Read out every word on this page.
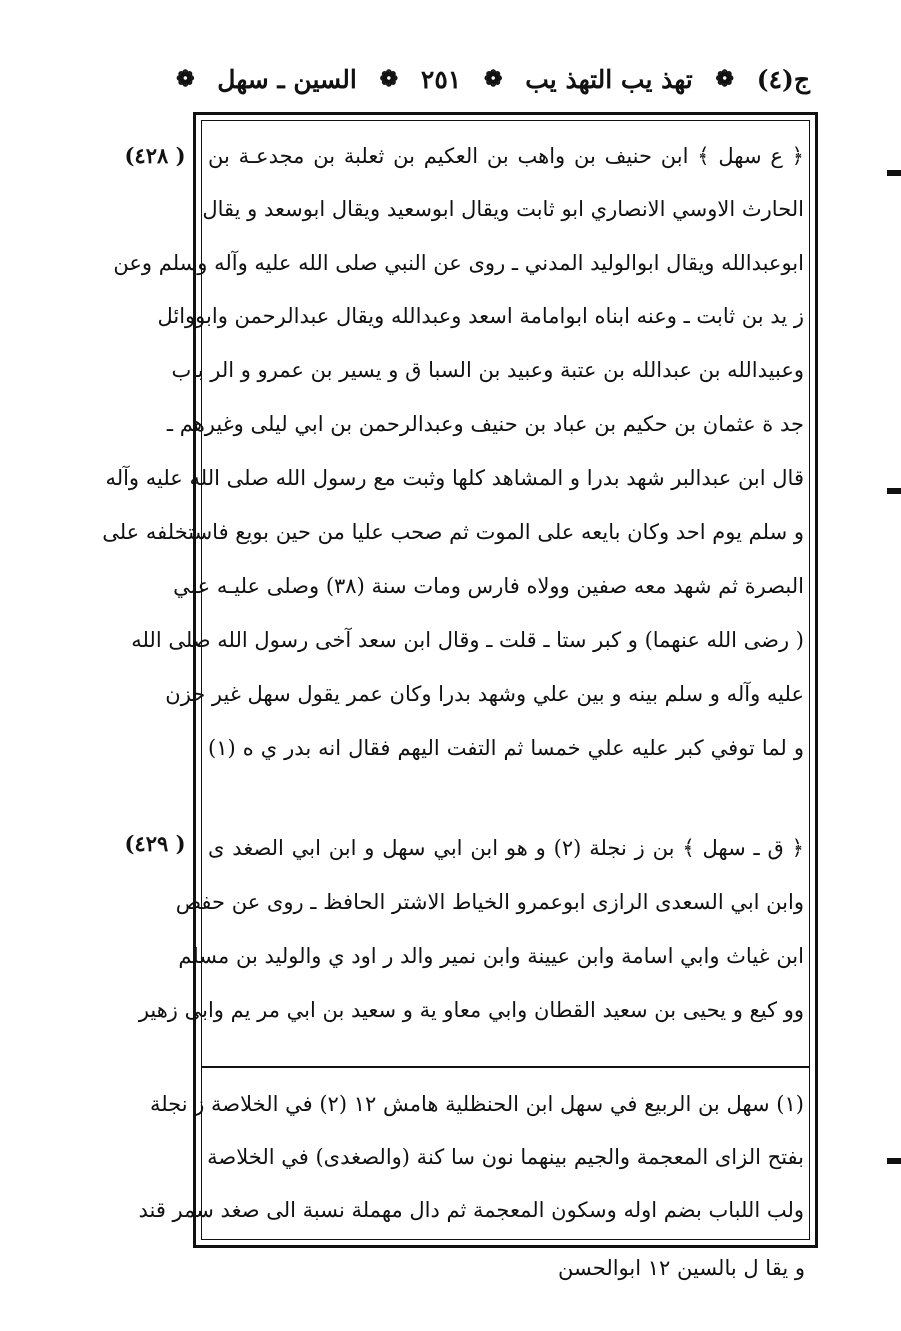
ج(٤)
❁
تهذ يب التهذ يب
❁
٢٥١
❁
السين ـ سهل
❁
( ٤٢٨)
( ٤٢٩)
﴿ ع سهل ﴾ ابن حنيف بن واهب بن العكيم بن ثعلبة بن مجدعـة بن
الحارث الاوسي الانصاري ابو ثابت ويقال ابوسعيد ويقال ابوسعد و يقال
ابوعبدالله ويقال ابوالوليد المدني ـ روى عن النبي صلى الله عليه وآله وسلم وعن
ز يد بن ثابت ـ وعنه ابناه ابوامامة اسعد وعبدالله ويقال عبدالرحمن وابووائل
وعبيدالله بن عبدالله بن عتبة وعبيد بن السبا ق و يسير بن عمرو و الر باب
جد ة عثمان بن حكيم بن عباد بن حنيف وعبدالرحمن بن ابي ليلى وغيرهم ـ
قال ابن عبدالبر شهد بدرا و المشاهد كلها وثبت مع رسول الله صلى الله عليه وآله
و سلم يوم احد وكان بايعه على الموت ثم صحب عليا من حين بويع فاستخلفه على
البصرة ثم شهد معه صفين وولاه فارس ومات سنة (٣٨) وصلى عليـه علي
( رضى الله عنهما) و كبر ستا ـ قلت ـ وقال ابن سعد آخى رسول الله صلى الله
عليه وآله و سلم بينه و بين علي وشهد بدرا وكان عمر يقول سهل غير حزن
و لما توفي كبر عليه علي خمسا ثم التفت اليهم فقال انه بدر ي ه (١)
﴿ ق ـ سهل ﴾ بن ز نجلة (٢) و هو ابن ابي سهل و ابن ابي الصغد ى
وابن ابي السعدى الرازى ابوعمرو الخياط الاشتر الحافظ ـ روى عن حفص
ابن غياث وابي اسامة وابن عيينة وابن نمير والد ر اود ي والوليد بن مسلم
وو كيع و يحيى بن سعيد القطان وابي معاو ية و سعيد بن ابي مر يم وابى زهير
(١) سهل بن الربيع في سهل ابن الحنظلية هامش ١٢ (٢) في الخلاصة ز نجلة
بفتح الزاى المعجمة والجيم بينهما نون سا كنة (والصغدى) في الخلاصة
ولب اللباب بضم اوله وسكون المعجمة ثم دال مهملة نسبة الى صغد سمر قند
و يقا ل بالسين ١٢ ابوالحسن
